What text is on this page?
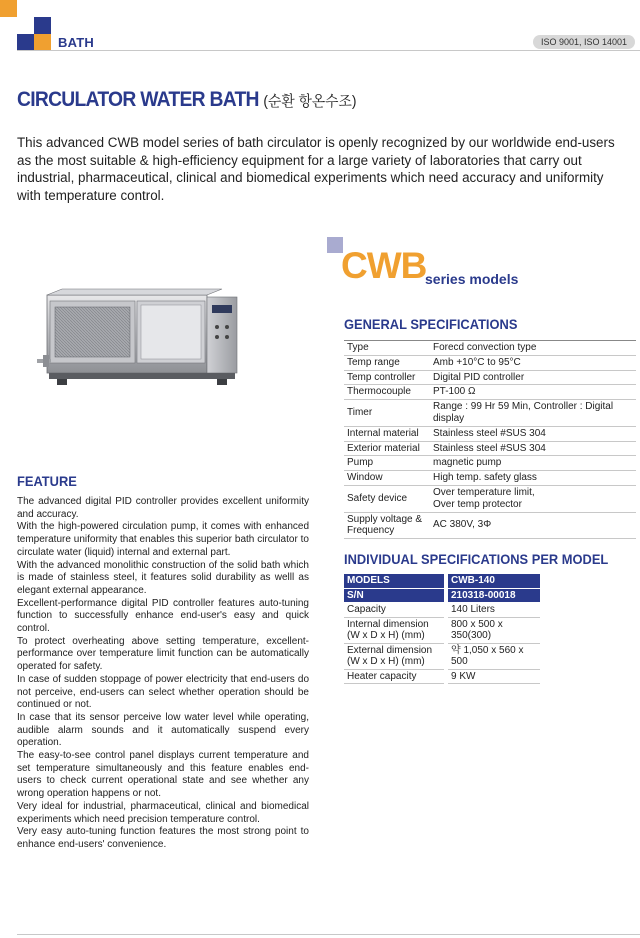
BATH	ISO 9001, ISO 14001
CIRCULATOR WATER BATH (순환 항온수조)
This advanced CWB model series of bath circulator is openly recognized by our worldwide end-users as the most suitable & high-efficiency equipment for a large variety of laboratories that carry out industrial, pharmaceutical, clinical and biomedical experiments which need accuracy and uniformity with temperature control.
CWB
series models
FEATURE

The advanced digital PID controller provides excellent uniformity and accuracy.

With the high-powered circulation pump, it comes with enhanced temperature uniformity that enables this superior bath circulator to circulate water (liquid) internal and external part.

With the advanced monolithic construction of the solid bath which is made of stainless steel, it features solid durability as welll as elegant external appearance.

Excellent-performance digital PID controller features auto-tuning function to successfully enhance end-user's easy and quick control.

To protect overheating above setting temperature, excellent-performance over temperature limit function can be automatically operated for safety.

In case of sudden stoppage of power electricity that end-users do not perceive, end-users can select whether operation should be continued or not.

In case that its sensor perceive low water level while operating, audible alarm sounds and it automatically suspend every operation.

The easy-to-see control panel displays current temperature and set temperature simultaneously and this feature enables end-users to check current operational state and see whether any wrong operation happens or not.

Very ideal for industrial, pharmaceutical, clinical and biomedical experiments which need precision temperature control.

Very easy auto-tuning function features the most strong point to enhance end-users' convenience.

GENERAL SPECIFICATIONS
Type	Forecd convection type
Temp range	Amb +10°C to 95°C
Temp controller	Digital PID controller
Thermocouple	PT-100 Ω
Timer	Range : 99 Hr 59 Min, Controller : Digital display
Internal material	Stainless steel #SUS 304
Exterior material	Stainless steel #SUS 304
Pump	magnetic pump
Window	High temp. safety glass
Safety device	Over temperature limit,
Over temp protector

Supply voltage &
Frequency	AC 380V, 3Φ
INDIVIDUAL SPECIFICATIONS PER MODEL
MODELS		CWB-140
S/N		210318-00018
Capacity		140 Liters

Internal dimension
(W x D x H) (mm)		800 x 500 x 350(300)

External dimension
(W x D x H) (mm)		약 1,050 x 560 x 500
Heater capacity		9 KW
